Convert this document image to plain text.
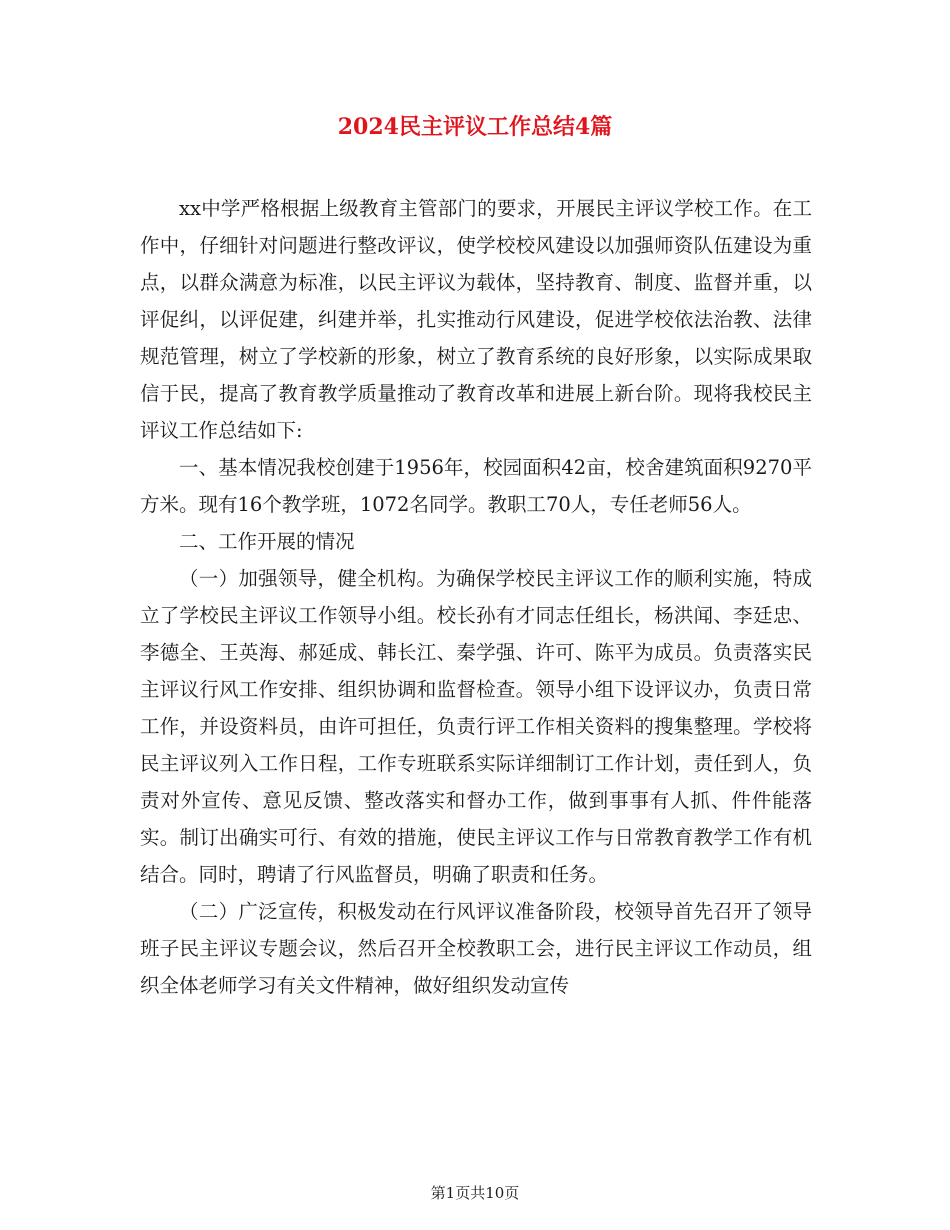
2024民主评议工作总结4篇

xx中学严格根据上级教育主管部门的要求，开展民主评议学校工作。在工作中，仔细针对问题进行整改评议，使学校校风建设以加强师资队伍建设为重点，以群众满意为标准，以民主评议为载体，坚持教育、制度、监督并重，以评促纠，以评促建，纠建并举，扎实推动行风建设，促进学校依法治教、法律规范管理，树立了学校新的形象，树立了教育系统的良好形象，以实际成果取信于民，提高了教育教学质量推动了教育改革和进展上新台阶。现将我校民主评议工作总结如下:

一、基本情况我校创建于1956年，校园面积42亩，校舍建筑面积9270平方米。现有16个教学班，1072名同学。教职工70人，专任老师56人。

二、工作开展的情况

（一）加强领导，健全机构。为确保学校民主评议工作的顺利实施，特成立了学校民主评议工作领导小组。校长孙有才同志任组长，杨洪闻、李廷忠、李德全、王英海、郝延成、韩长江、秦学强、许可、陈平为成员。负责落实民主评议行风工作安排、组织协调和监督检查。领导小组下设评议办，负责日常工作，并设资料员，由许可担任，负责行评工作相关资料的搜集整理。学校将民主评议列入工作日程，工作专班联系实际详细制订工作计划，责任到人，负责对外宣传、意见反馈、整改落实和督办工作，做到事事有人抓、件件能落实。制订出确实可行、有效的措施，使民主评议工作与日常教育教学工作有机结合。同时，聘请了行风监督员，明确了职责和任务。

（二）广泛宣传，积极发动在行风评议准备阶段，校领导首先召开了领导班子民主评议专题会议，然后召开全校教职工会，进行民主评议工作动员，组织全体老师学习有关文件精神，做好组织发动宣传

第1页共10页
